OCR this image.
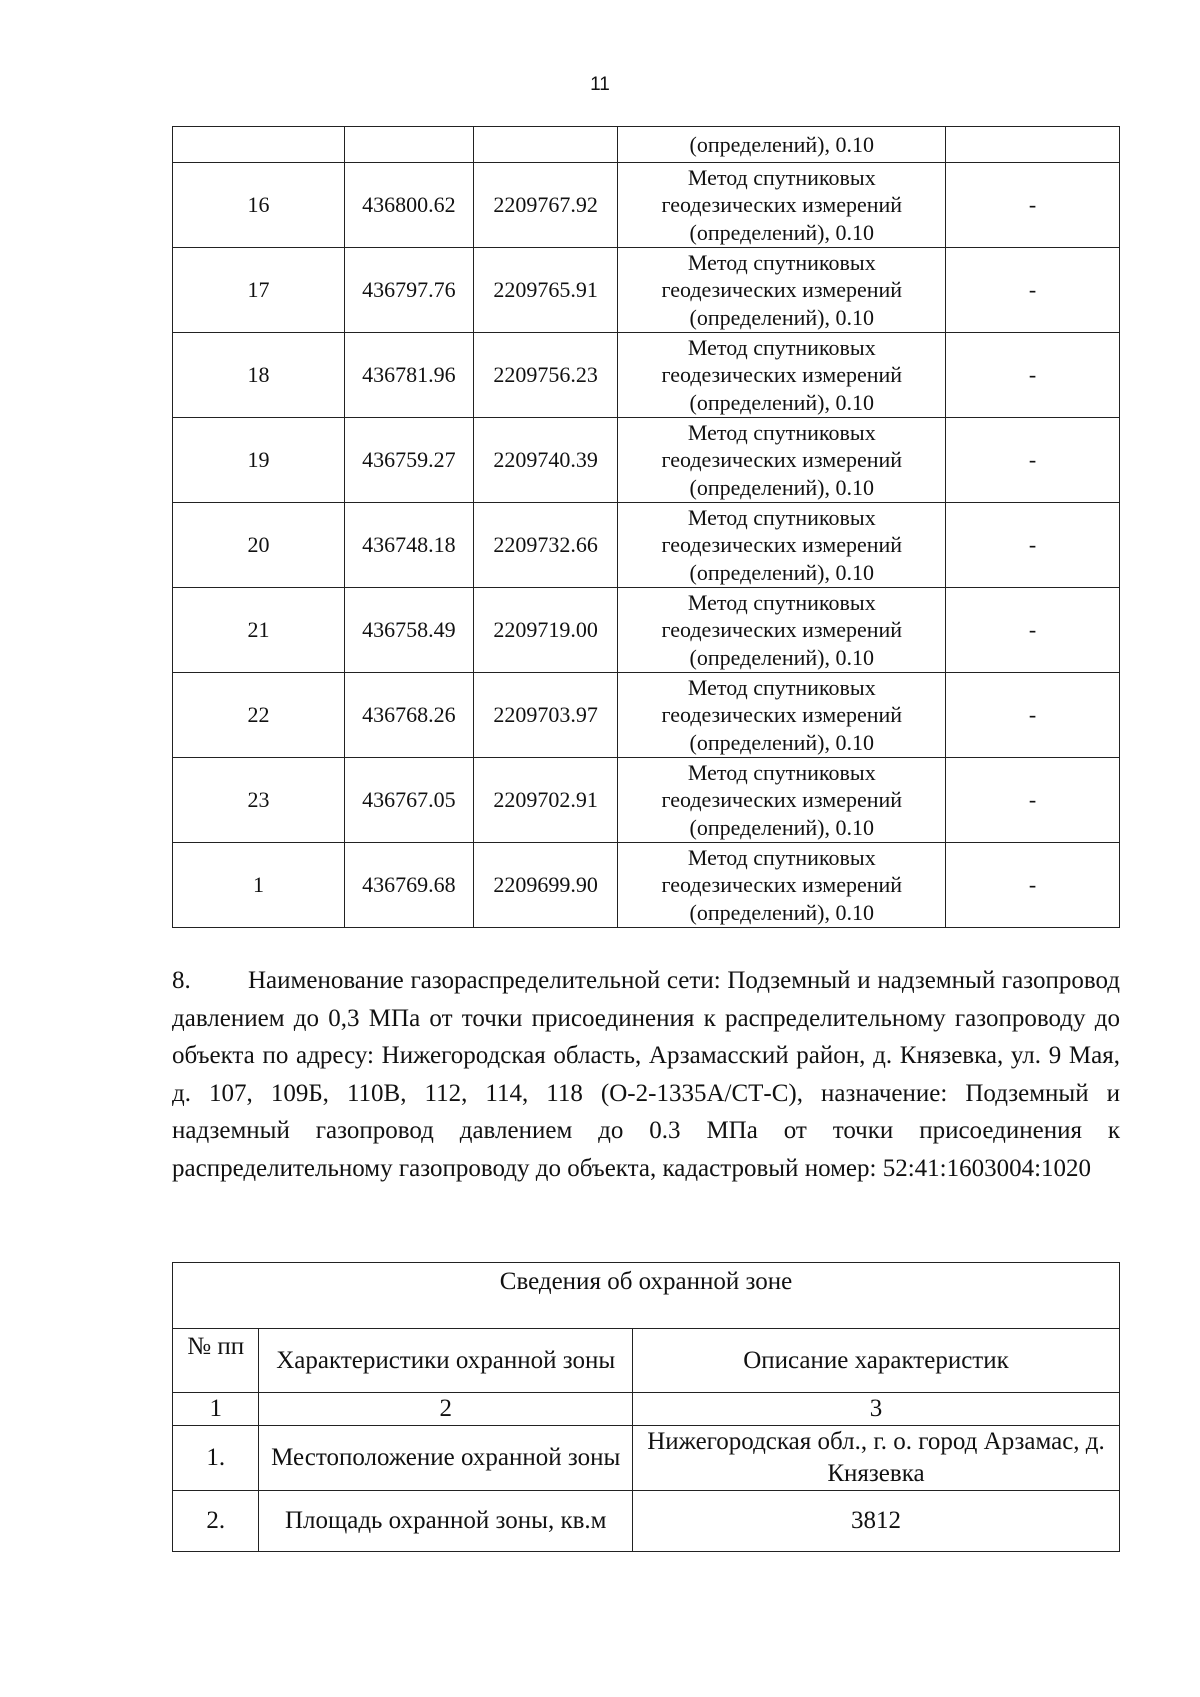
11
			(определений), 0.10	
16	436800.62	2209767.92	Метод спутниковых
геодезических измерений
(определений), 0.10	-
17	436797.76	2209765.91	Метод спутниковых
геодезических измерений
(определений), 0.10	-
18	436781.96	2209756.23	Метод спутниковых
геодезических измерений
(определений), 0.10	-
19	436759.27	2209740.39	Метод спутниковых
геодезических измерений
(определений), 0.10	-
20	436748.18	2209732.66	Метод спутниковых
геодезических измерений
(определений), 0.10	-
21	436758.49	2209719.00	Метод спутниковых
геодезических измерений
(определений), 0.10	-
22	436768.26	2209703.97	Метод спутниковых
геодезических измерений
(определений), 0.10	-
23	436767.05	2209702.91	Метод спутниковых
геодезических измерений
(определений), 0.10	-
1	436769.68	2209699.90	Метод спутниковых
геодезических измерений
(определений), 0.10	-

8. Наименование газораспределительной сети: Подземный и надземный газопровод давлением до 0,3 МПа от точки присоединения к распределительному газопроводу до объекта по адресу: Нижегородская область, Арзамасский район, д. Князевка, ул. 9 Мая, д. 107, 109Б, 110В, 112, 114, 118 (О-2-1335А/СТ-С), назначение: Подземный и надземный газопровод давлением до 0.3 МПа от точки присоединения к распределительному газопроводу до объекта, кадастровый номер: 52:41:1603004:1020

Сведения об охранной зоне		
№ пп	Характеристики охранной зоны	Описание характеристик
1	2	3
1.	Местоположение охранной зоны	Нижегородская обл., г. о. город Арзамас, д. Князевка
2.	Площадь охранной зоны, кв.м	3812
